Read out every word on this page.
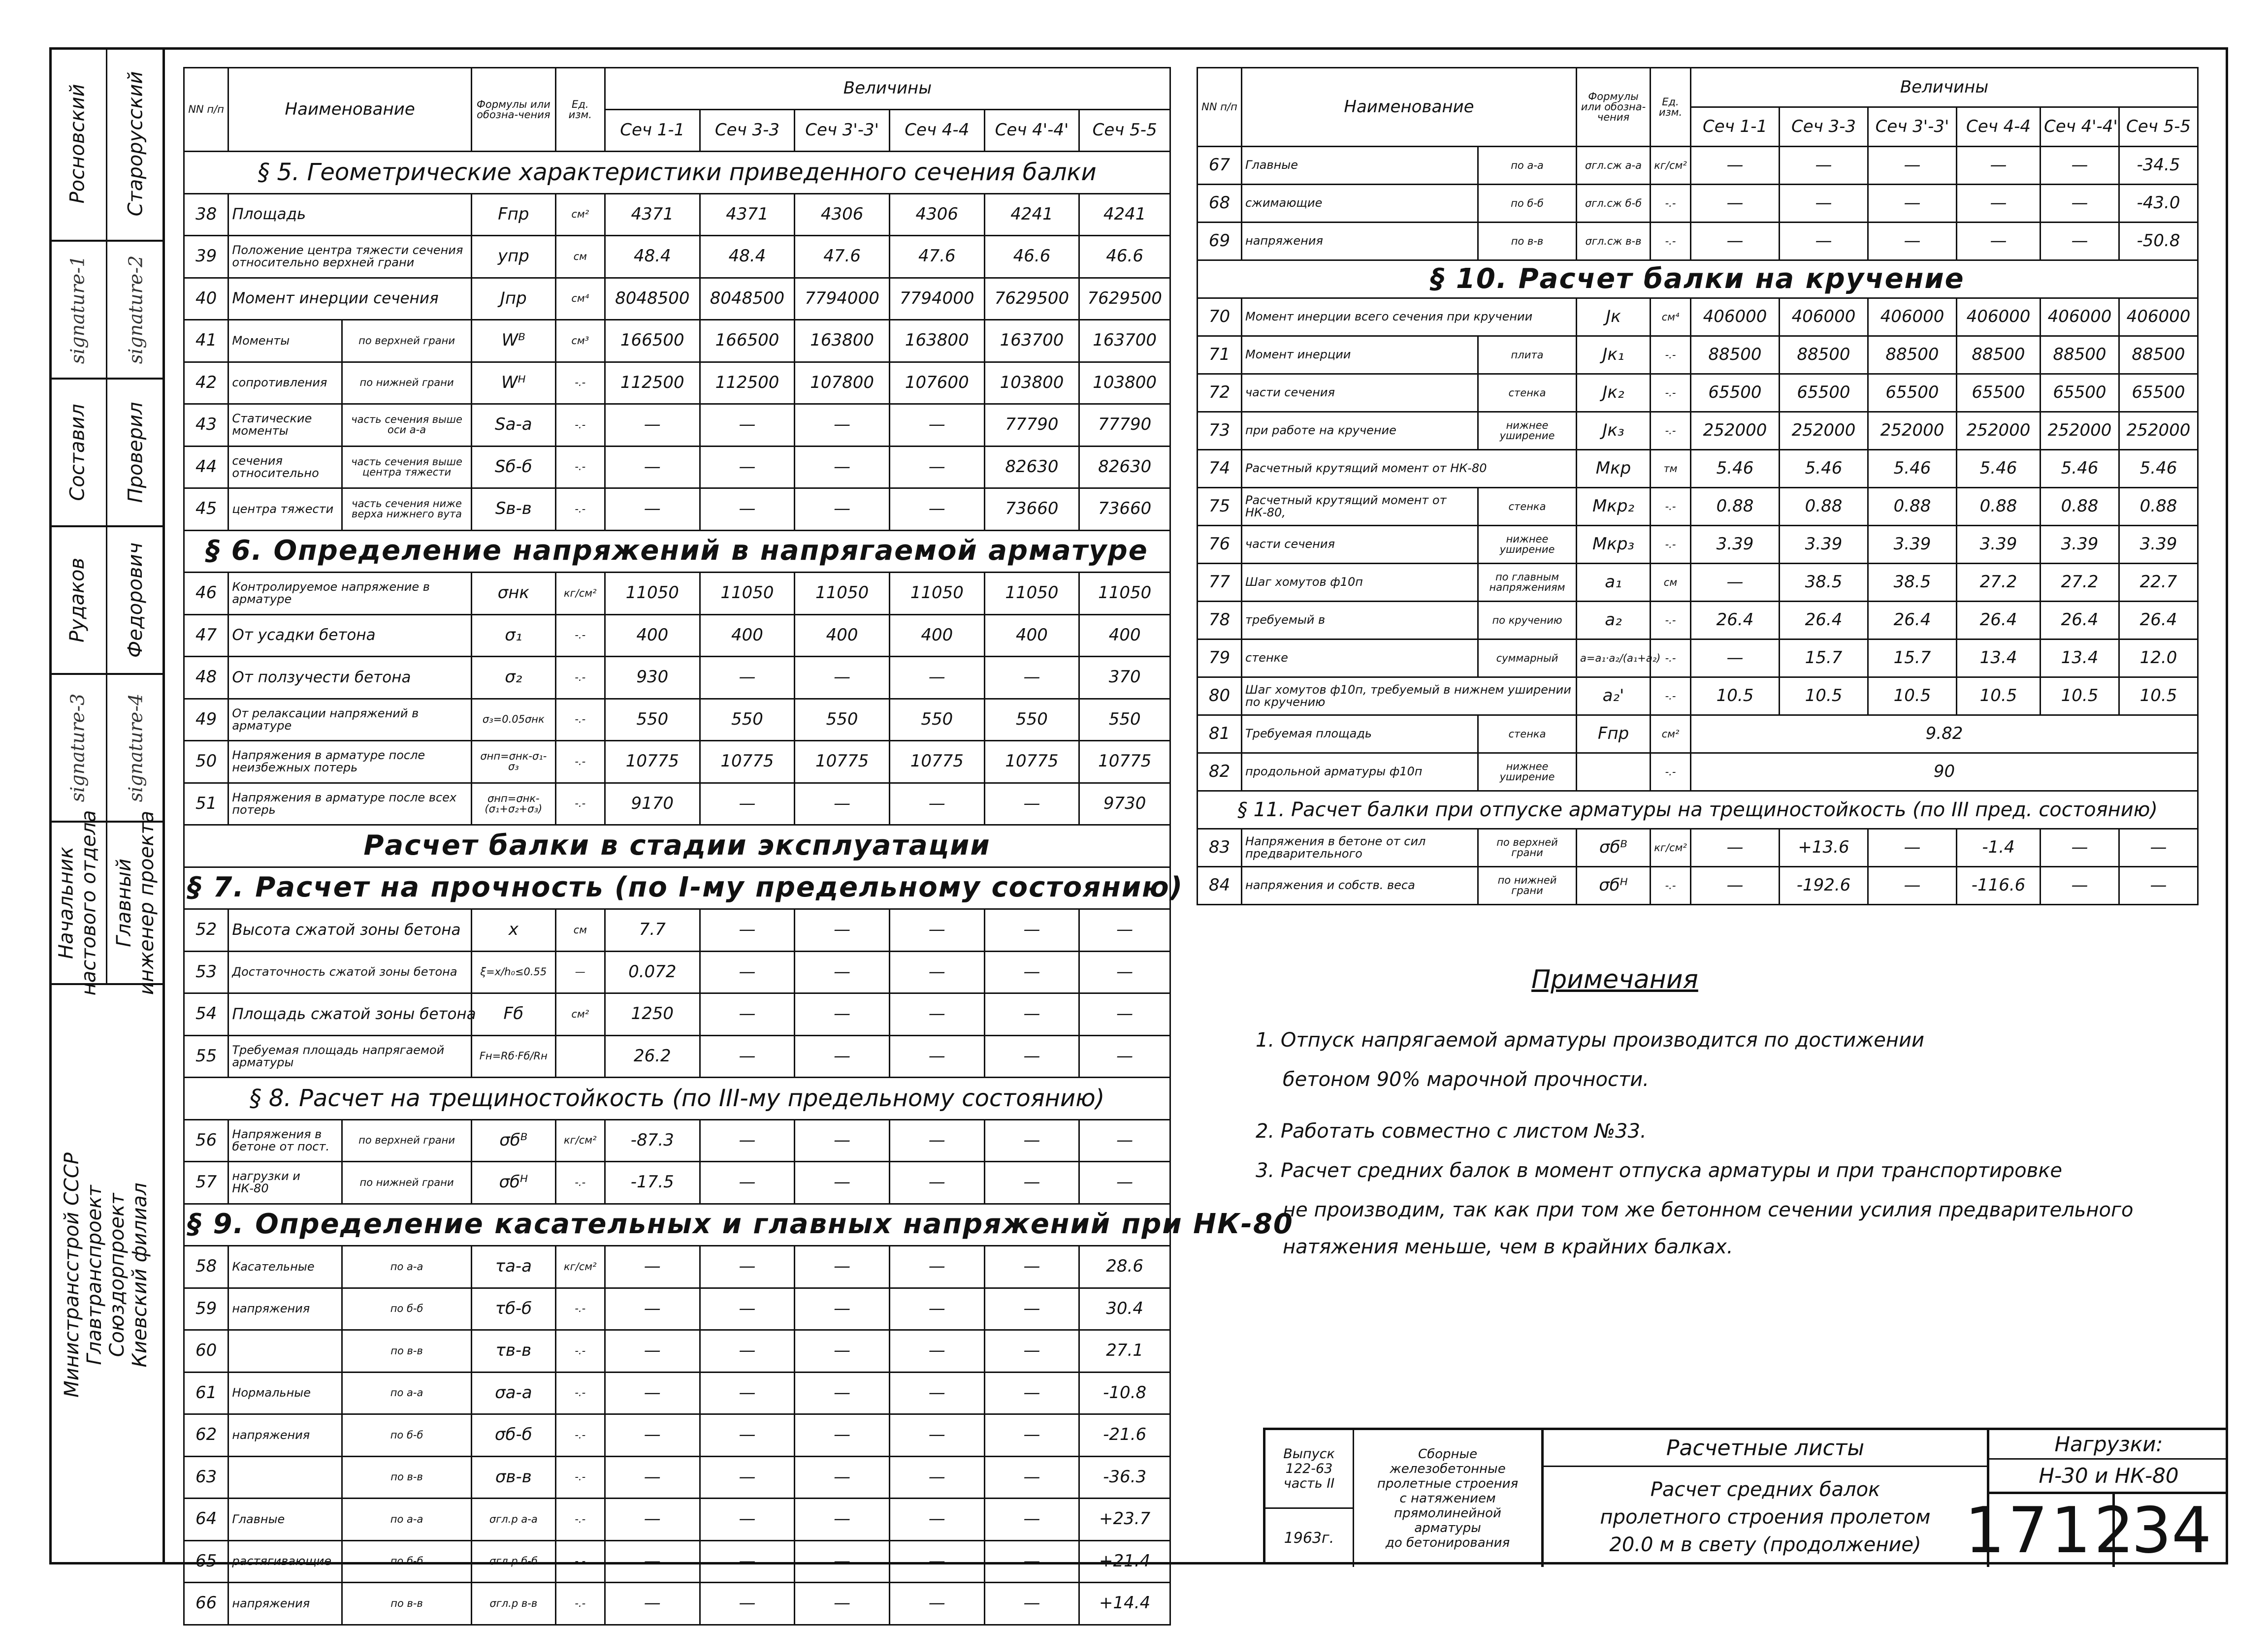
Росновский Старорусский
signature-1 signature-2
Составил Проверил
Рудаков Федорович
signature-3 signature-4
Начальник
настового отдела
Главный
инженер проекта
Министрансстрой СССР
Главтранспроект
Союздорпроект
Киевский филиал
NN п/п	Наименование		Формулы или обозна-чения	Ед. изм.	Величины					
					Сеч 1-1	Сеч 3-3	Сеч 3'-3'	Сеч 4-4	Сеч 4'-4'	Сеч 5-5
§ 5. Геометрические характеристики приведенного сечения балки										
38	Площадь		Fпр	см²	4371	4371	4306	4306	4241	4241
39	Положение центра тяжести сечения относительно верхней грани		yпр	см	48.4	48.4	47.6	47.6	46.6	46.6
40	Момент инерции сечения		Jпр	см⁴	8048500	8048500	7794000	7794000	7629500	7629500
41	Моменты	по верхней грани	Wᴮ	см³	166500	166500	163800	163800	163700	163700
42	сопротивления	по нижней грани	Wᴴ	-.-	112500	112500	107800	107600	103800	103800
43	Статические моменты	часть сечения выше оси а-а	Sa-a	-.-	—	—	—	—	77790	77790
44	сечения относительно	часть сечения выше центра тяжести	Sб-б	-.-	—	—	—	—	82630	82630
45	центра тяжести	часть сечения ниже верха нижнего вута	Sв-в	-.-	—	—	—	—	73660	73660
§ 6. Определение напряжений в напрягаемой арматуре										
46	Контролируемое напряжение в арматуре		σнк	кг/см²	11050	11050	11050	11050	11050	11050
47	От усадки бетона		σ₁	-.-	400	400	400	400	400	400
48	От ползучести бетона		σ₂	-.-	930	—	—	—	—	370
49	От релаксации напряжений в арматуре		σ₃=0.05σнк	-.-	550	550	550	550	550	550
50	Напряжения в арматуре после неизбежных потерь		σнп=σнк-σ₁-σ₃	-.-	10775	10775	10775	10775	10775	10775
51	Напряжения в арматуре после всех потерь		σнп=σнк-(σ₁+σ₂+σ₃)	-.-	9170	—	—	—	—	9730
Расчет балки в стадии эксплуатации										
§ 7. Расчет на прочность (по I-му предельному состоянию)										
52	Высота сжатой зоны бетона		x	см	7.7	—	—	—	—	—
53	Достаточность сжатой зоны бетона		ξ=x/h₀≤0.55	—	0.072	—	—	—	—	—
54	Площадь сжатой зоны бетона		Fб	см²	1250	—	—	—	—	—
55	Требуемая площадь напрягаемой арматуры		Fн=Rб·Fб/Rн		26.2	—	—	—	—	—
§ 8. Расчет на трещиностойкость (по III-му предельному состоянию)										
56	Напряжения в бетоне от пост.	по верхней грани	σбᴮ	кг/см²	-87.3	—	—	—	—	—
57	нагрузки и НК-80	по нижней грани	σбᴴ	-.-	-17.5	—	—	—	—	—
§ 9. Определение касательных и главных напряжений при НК-80										
58	Касательные	по а-а	τа-а	кг/см²	—	—	—	—	—	28.6
59	напряжения	по б-б	τб-б	-.-	—	—	—	—	—	30.4
60		по в-в	τв-в	-.-	—	—	—	—	—	27.1
61	Нормальные	по а-а	σа-а	-.-	—	—	—	—	—	-10.8
62	напряжения	по б-б	σб-б	-.-	—	—	—	—	—	-21.6
63		по в-в	σв-в	-.-	—	—	—	—	—	-36.3
64	Главные	по а-а	σгл.р а-а	-.-	—	—	—	—	—	+23.7
65	растягивающие	по б-б	σгл.р б-б	-.-	—	—	—	—	—	+21.4
66	напряжения	по в-в	σгл.р в-в	-.-	—	—	—	—	—	+14.4
NN п/п	Наименование		Формулы или обозна-чения	Ед. изм.	Величины					
					Сеч 1-1	Сеч 3-3	Сеч 3'-3'	Сеч 4-4	Сеч 4'-4'	Сеч 5-5
67	Главные	по а-а	σгл.сж а-а	кг/см²	—	—	—	—	—	-34.5
68	сжимающие	по б-б	σгл.сж б-б	-.-	—	—	—	—	—	-43.0
69	напряжения	по в-в	σгл.сж в-в	-.-	—	—	—	—	—	-50.8
§ 10. Расчет балки на кручение										
70	Момент инерции всего сечения при кручении		Jк	см⁴	406000	406000	406000	406000	406000	406000
71	Момент инерции	плита	Jк₁	-.-	88500	88500	88500	88500	88500	88500
72	части сечения	стенка	Jк₂	-.-	65500	65500	65500	65500	65500	65500
73	при работе на кручение	нижнее уширение	Jк₃	-.-	252000	252000	252000	252000	252000	252000
74	Расчетный крутящий момент от НК-80		Mкр	тм	5.46	5.46	5.46	5.46	5.46	5.46
75	Расчетный крутящий момент от НК-80,	стенка	Mкр₂	-.-	0.88	0.88	0.88	0.88	0.88	0.88
76	части сечения	нижнее уширение	Mкр₃	-.-	3.39	3.39	3.39	3.39	3.39	3.39
77	Шаг хомутов ф10п	по главным напряжениям	a₁	см	—	38.5	38.5	27.2	27.2	22.7
78	требуемый в	по кручению	a₂	-.-	26.4	26.4	26.4	26.4	26.4	26.4
79	стенке	суммарный	a=a₁·a₂/(a₁+a₂)	-.-	—	15.7	15.7	13.4	13.4	12.0
80	Шаг хомутов ф10п, требуемый в нижнем уширении по кручению		a₂'	-.-	10.5	10.5	10.5	10.5	10.5	10.5
81	Требуемая площадь	стенка	Fпр	см²	9.82					
82	продольной арматуры ф10п	нижнее уширение		-.-	90					
§ 11. Расчет балки при отпуске арматуры на трещиностойкость (по III пред. состоянию)										
83	Напряжения в бетоне от сил предварительного	по верхней грани	σбᴮ	кг/см²	—	+13.6	—	-1.4	—	—
84	напряжения и собств. веса	по нижней грани	σбᴴ	-.-	—	-192.6	—	-116.6	—	—
Примечания
1. Отпуск напрягаемой арматуры производится по достижении
бетоном 90% марочной прочности.
2. Работать совместно с листом №33.
3. Расчет средних балок в момент отпуска арматуры и при транспортировке
не производим, так как при том же бетонном сечении усилия предварительного
натяжения меньше, чем в крайних балках.
Выпуск
122-63
часть II
1963г.
Сборные
железобетонные
пролетные строения
с натяжением
прямолинейной
арматуры
до бетонирования
Расчетные листы
Расчет средних балок
пролетного строения пролетом
20.0 м в свету (продолжение)
Нагрузки:
Н-30 и НК-80
1712
34
